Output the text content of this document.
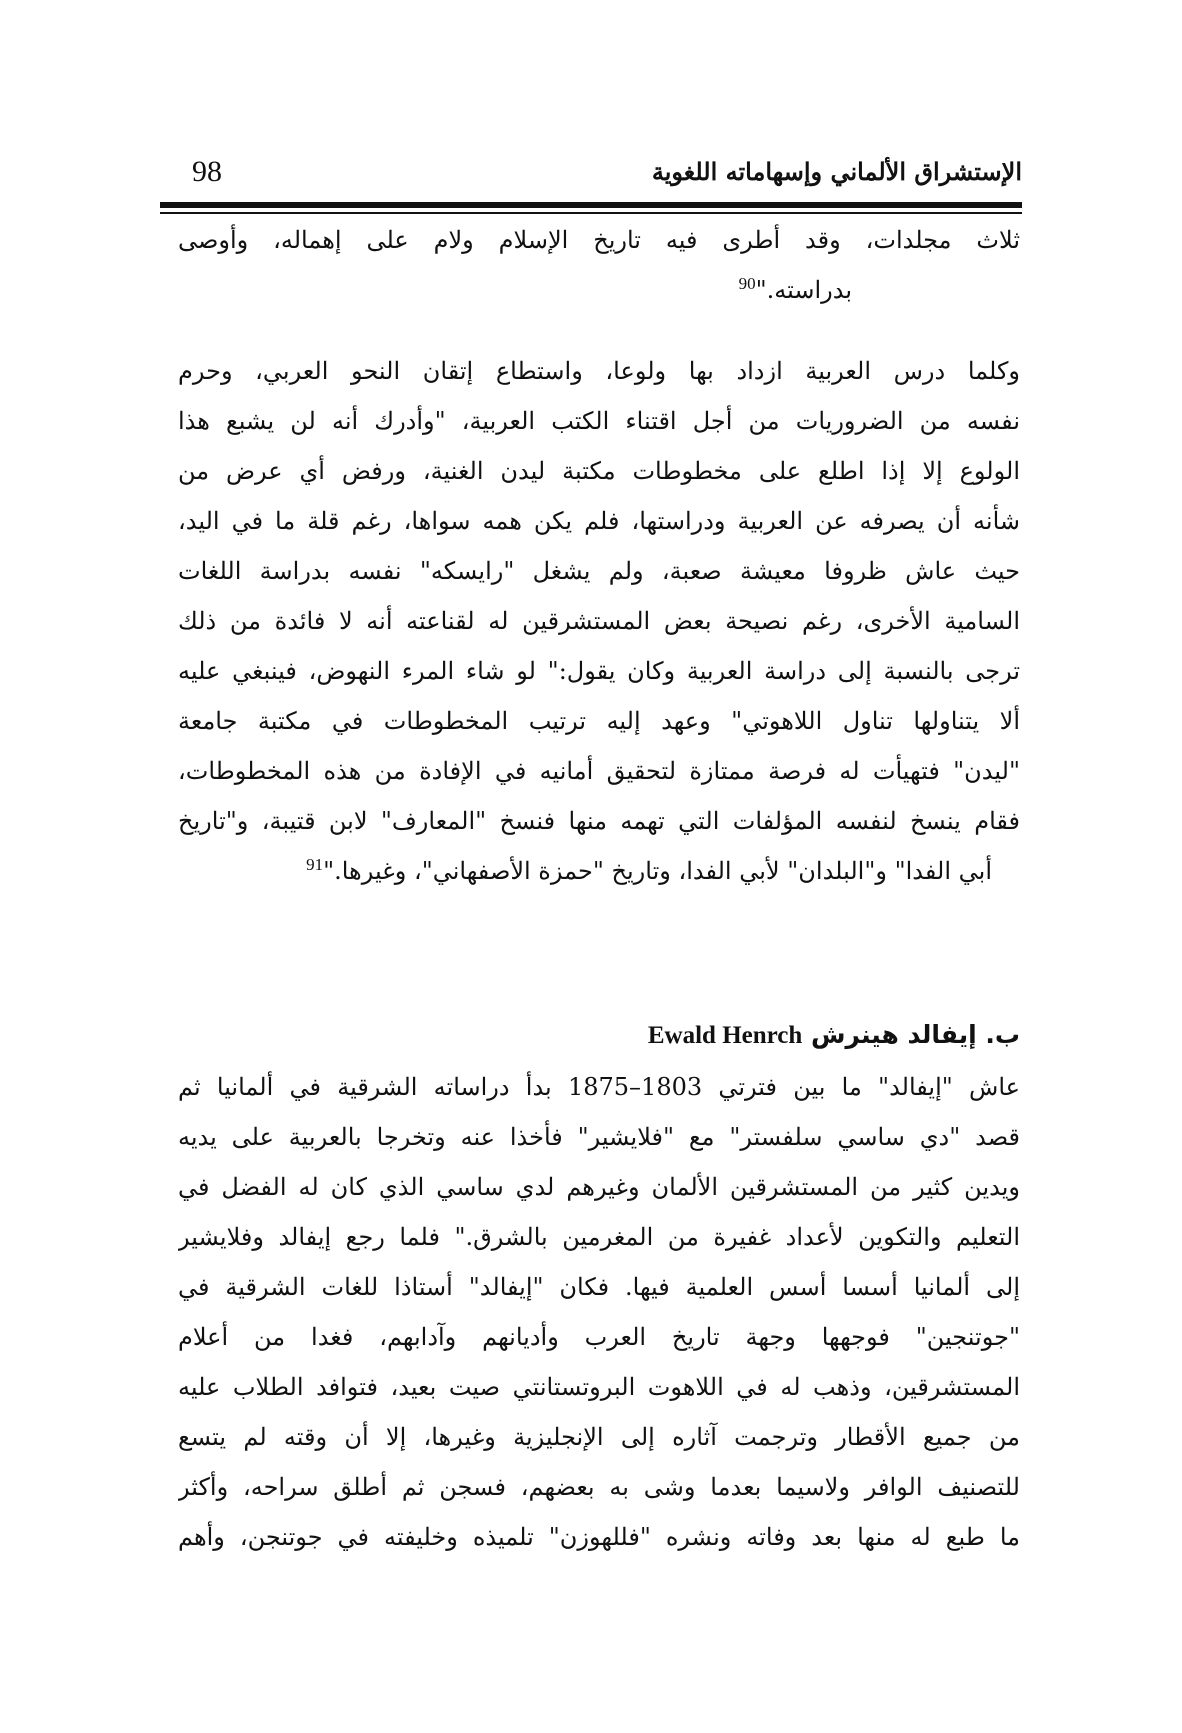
98	الإستشراق الألماني وإسهاماته اللغوية
ثلاث مجلدات، وقد أطرى فيه تاريخ الإسلام ولام على إهماله، وأوصى
بدراسته."$^{90}$
وكلما درس العربية ازداد بها ولوعا، واستطاع إتقان النحو العربي، وحرم
نفسه من الضروريات من أجل اقتناء الكتب العربية، "وأدرك أنه لن يشبع هذا
الولوع إلا إذا اطلع على مخطوطات مكتبة ليدن الغنية، ورفض أي عرض من
شأنه أن يصرفه عن العربية ودراستها، فلم يكن همه سواها، رغم قلة ما في اليد،
حيث عاش ظروفا معيشة صعبة، ولم يشغل "رايسكه" نفسه بدراسة اللغات
السامية الأخرى، رغم نصيحة بعض المستشرقين له لقناعته أنه لا فائدة من ذلك
ترجى بالنسبة إلى دراسة العربية وكان يقول:" لو شاء المرء النهوض، فينبغي عليه
ألا يتناولها تناول اللاهوتي" وعهد إليه ترتيب المخطوطات في مكتبة جامعة
"ليدن" فتهيأت له فرصة ممتازة لتحقيق أمانيه في الإفادة من هذه المخطوطات،
فقام ينسخ لنفسه المؤلفات التي تهمه منها فنسخ "المعارف" لابن قتيبة، و"تاريخ
أبي الفدا" و"البلدان" لأبي الفدا، وتاريخ "حمزة الأصفهاني"، وغيرها."$^{91}$
ب. إيفالد هينرش Ewald Henrch
عاش "إيفالد" ما بين فترتي 1803–1875 بدأ دراساته الشرقية في ألمانيا ثم
قصد "دي ساسي سلفستر" مع "فلايشير" فأخذا عنه وتخرجا بالعربية على يديه
ويدين كثير من المستشرقين الألمان وغيرهم لدي ساسي الذي كان له الفضل في
التعليم والتكوين لأعداد غفيرة من المغرمين بالشرق." فلما رجع إيفالد وفلايشير
إلى ألمانيا أسسا أسس العلمية فيها. فكان "إيفالد" أستاذا للغات الشرقية في
"جوتنجين" فوجهها وجهة تاريخ العرب وأديانهم وآدابهم، فغدا من أعلام
المستشرقين، وذهب له في اللاهوت البروتستانتي صيت بعيد، فتوافد الطلاب عليه
من جميع الأقطار وترجمت آثاره إلى الإنجليزية وغيرها، إلا أن وقته لم يتسع
للتصنيف الوافر ولاسيما بعدما وشى به بعضهم، فسجن ثم أطلق سراحه، وأكثر
ما طبع له منها بعد وفاته ونشره "فللهوزن" تلميذه وخليفته في جوتنجن، وأهم
